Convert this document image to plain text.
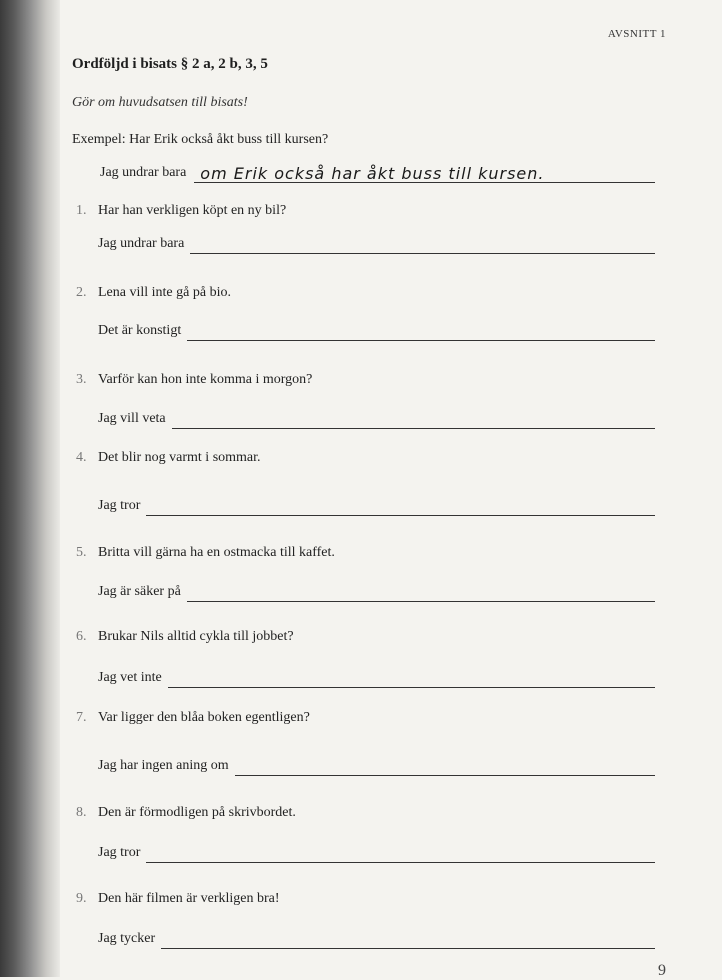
AVSNITT 1
Ordföljd i bisats § 2 a, 2 b, 3, 5
Gör om huvudsatsen till bisats!
Exempel: Har Erik också åkt buss till kursen?
Jag undrar bara om Erik också har åkt buss till kursen.
1. Har han verkligen köpt en ny bil?
Jag undrar bara
2. Lena vill inte gå på bio.
Det är konstigt
3. Varför kan hon inte komma i morgon?
Jag vill veta
4. Det blir nog varmt i sommar.
Jag tror
5. Britta vill gärna ha en ostmacka till kaffet.
Jag är säker på
6. Brukar Nils alltid cykla till jobbet?
Jag vet inte
7. Var ligger den blåa boken egentligen?
Jag har ingen aning om
8. Den är förmodligen på skrivbordet.
Jag tror
9. Den här filmen är verkligen bra!
Jag tycker
9
